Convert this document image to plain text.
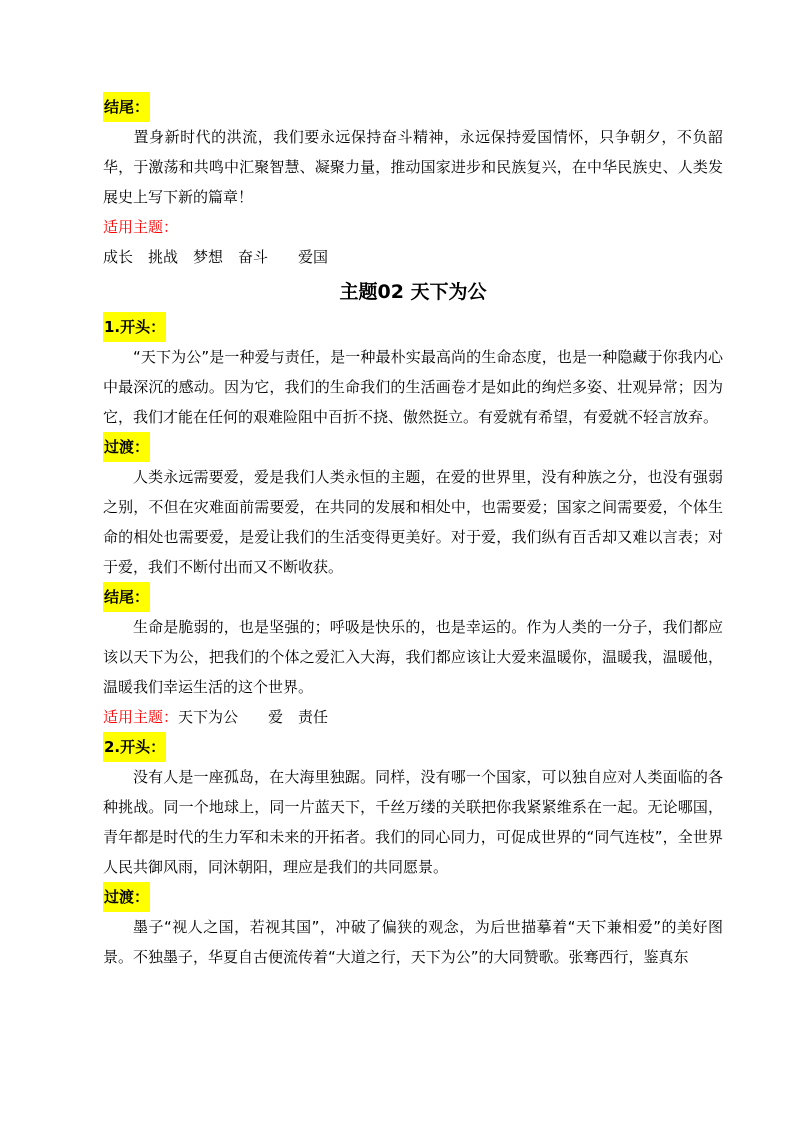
结尾：

置身新时代的洪流，我们要永远保持奋斗精神，永远保持爱国情怀，只争朝夕，不负韶华，于激荡和共鸣中汇聚智慧、凝聚力量，推动国家进步和民族复兴，在中华民族史、人类发展史上写下新的篇章！

适用主题：
成长　挑战　梦想　奋斗　　爱国
主题02 天下为公
1.开头：

“天下为公”是一种爱与责任，是一种最朴实最高尚的生命态度，也是一种隐藏于你我内心中最深沉的感动。因为它，我们的生命我们的生活画卷才是如此的绚烂多姿、壮观异常；因为它，我们才能在任何的艰难险阻中百折不挠、傲然挺立。有爱就有希望，有爱就不轻言放弃。

过渡：

人类永远需要爱，爱是我们人类永恒的主题，在爱的世界里，没有种族之分，也没有强弱之别，不但在灾难面前需要爱，在共同的发展和相处中，也需要爱；国家之间需要爱，个体生命的相处也需要爱，是爱让我们的生活变得更美好。对于爱，我们纵有百舌却又难以言表；对于爱，我们不断付出而又不断收获。

结尾：

生命是脆弱的，也是坚强的；呼吸是快乐的，也是幸运的。作为人类的一分子，我们都应该以天下为公，把我们的个体之爱汇入大海，我们都应该让大爱来温暖你，温暖我，温暖他，温暖我们幸运生活的这个世界。

适用主题：天下为公　　爱　责任
2.开头：

没有人是一座孤岛，在大海里独踞。同样，没有哪一个国家，可以独自应对人类面临的各种挑战。同一个地球上，同一片蓝天下，千丝万缕的关联把你我紧紧维系在一起。无论哪国，青年都是时代的生力军和未来的开拓者。我们的同心同力，可促成世界的“同气连枝”，全世界人民共御风雨，同沐朝阳，理应是我们的共同愿景。

过渡：

墨子“视人之国，若视其国”，冲破了偏狭的观念，为后世描摹着“天下兼相爱”的美好图景。不独墨子，华夏自古便流传着“大道之行，天下为公”的大同赞歌。张骞西行，鉴真东
